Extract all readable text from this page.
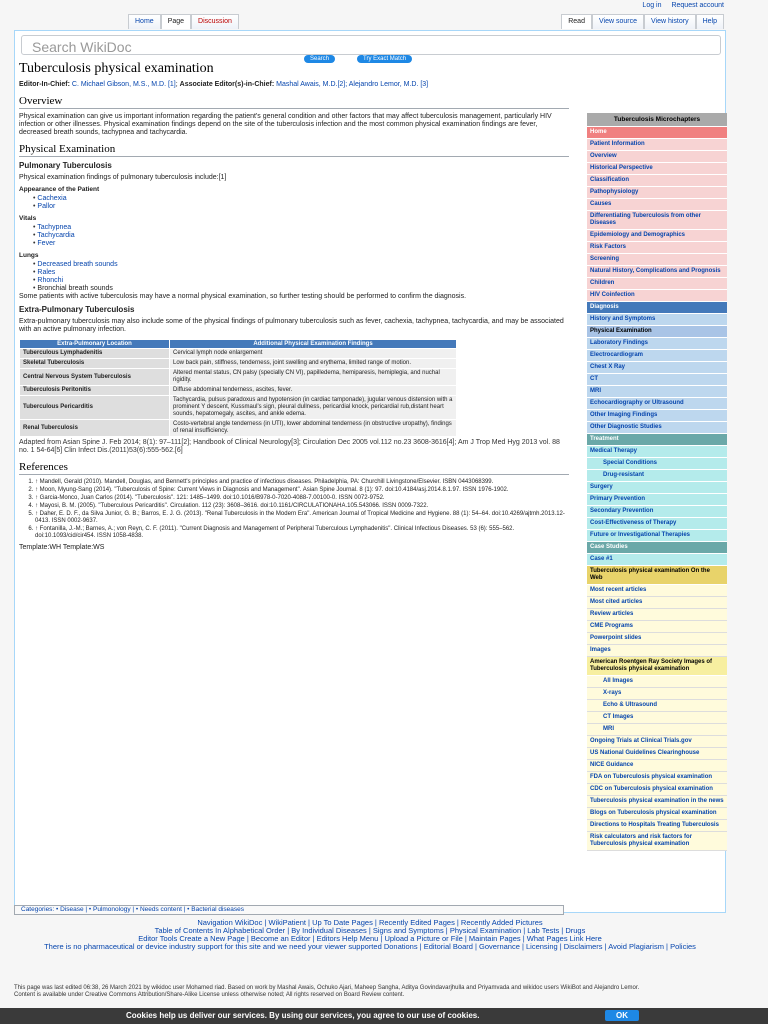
Log in Request account
Home	Page	Discussion	Read	View source	View history	Help
Search WikiDoc
Search	Try Exact Match
Tuberculosis physical examination

Editor-In-Chief: C. Michael Gibson, M.S., M.D. [1]; Associate Editor(s)-in-Chief: Mashal Awais, M.D.[2]; Alejandro Lemor, M.D. [3]

Overview

Physical examination can give us important information regarding the patient's general condition and other factors that may affect tuberculosis management, particularly HIV infection or other illnesses. Physical examination findings depend on the site of the tuberculosis infection and the most common physical examination findings are fever, decreased breath sounds, tachypnea and tachycardia.

Physical Examination
Pulmonary Tuberculosis

Physical examination findings of pulmonary tuberculosis include:[1]

Appearance of the Patient
• Cachexia
• Pallor
Vitals
• Tachypnea
• Tachycardia
• Fever
Lungs
• Decreased breath sounds
• Rales
• Rhonchi
• Bronchial breath sounds

Some patients with active tuberculosis may have a normal physical examination, so further testing should be performed to confirm the diagnosis.

Extra-Pulmonary Tuberculosis

Extra-pulmonary tuberculosis may also include some of the physical findings of pulmonary tuberculosis such as fever, cachexia, tachypnea, tachycardia, and may be associated with an active pulmonary infection.

Extra-Pulmonary Location	Additional Physical Examination Findings
Tuberculous Lymphadenitis	Cervical lymph node enlargement
Skeletal Tuberculosis	Low back pain, stiffness, tenderness, joint swelling and erythema, limited range of motion.
Central Nervous System Tuberculosis	Altered mental status, CN palsy (specially CN VI), papilledema, hemiparesis, hemiplegia, and nuchal rigidity.
Tuberculosis Peritonitis	Diffuse abdominal tenderness, ascites, fever.
Tuberculous Pericarditis	Tachycardia, pulsus paradoxus and hypotension (in cardiac tamponade), jugular venous distension with a prominent Y descent, Kussmaul's sign, pleural dullness, pericardial knock, pericardial rub,distant heart sounds, hepatomegaly, ascites, and ankle edema.
Renal Tuberculosis	Costo-vertebral angle tenderness (in UTI), lower abdominal tenderness (in obstructive uropathy), findings of renal insufficiency.

Adapted from Asian Spine J. Feb 2014; 8(1): 97–111[2]; Handbook of Clinical Neurology[3]; Circulation Dec 2005 vol.112 no.23 3608-3616[4]; Am J Trop Med Hyg 2013 vol. 88 no. 1 54-64[5] Clin Infect Dis.(2011)53(6):555-562.[6]

References
1. ↑ Mandell, Gerald (2010). Mandell, Douglas, and Bennett's principles and practice of infectious diseases. Philadelphia, PA: Churchill Livingstone/Elsevier. ISBN 0443068399.
2. ↑ Moon, Myung-Sang (2014). "Tuberculosis of Spine: Current Views in Diagnosis and Management". Asian Spine Journal. 8 (1): 97. doi:10.4184/asj.2014.8.1.97. ISSN 1976-1902.
3. ↑ Garcia-Monco, Juan Carlos (2014). "Tuberculosis". 121: 1485–1499. doi:10.1016/B978-0-7020-4088-7.00100-0. ISSN 0072-9752.
4. ↑ Mayosi, B. M. (2005). "Tuberculous Pericarditis". Circulation. 112 (23): 3608–3616. doi:10.1161/CIRCULATIONAHA.105.543066. ISSN 0009-7322.
5. ↑ Daher, E. D. F., da Silva Junior, G. B.; Barros, E. J. G. (2013). "Renal Tuberculosis in the Modern Era". American Journal of Tropical Medicine and Hygiene. 88 (1): 54–64. doi:10.4269/ajtmh.2013.12-0413. ISSN 0002-9637.
6. ↑ Fontanilla, J.-M.; Barnes, A.; von Reyn, C. F. (2011). "Current Diagnosis and Management of Peripheral Tuberculous Lymphadenitis". Clinical Infectious Diseases. 53 (6): 555–562. doi:10.1093/cid/cir454. ISSN 1058-4838.

Template:WH Template:WS

Tuberculosis Microchapters
Home
Patient Information
Overview
Historical Perspective
Classification
Pathophysiology
Causes
Differentiating Tuberculosis from other Diseases
Epidemiology and Demographics
Risk Factors
Screening
Natural History, Complications and Prognosis
Children
HIV Coinfection
Diagnosis
History and Symptoms
Physical Examination
Laboratory Findings
Electrocardiogram
Chest X Ray
CT
MRI
Echocardiography or Ultrasound
Other Imaging Findings
Other Diagnostic Studies
Treatment
Medical Therapy
Special Conditions
Drug-resistant
Surgery
Primary Prevention
Secondary Prevention
Cost-Effectiveness of Therapy
Future or Investigational Therapies
Case Studies
Case #1
Tuberculosis physical examination On the Web
Most recent articles
Most cited articles
Review articles
CME Programs
Powerpoint slides
Images
American Roentgen Ray Society Images of Tuberculosis physical examination
All Images
X-rays
Echo & Ultrasound
CT Images
MRI
Ongoing Trials at Clinical Trials.gov
US National Guidelines Clearinghouse
NICE Guidance
FDA on Tuberculosis physical examination
CDC on Tuberculosis physical examination
Tuberculosis physical examination in the news
Blogs on Tuberculosis physical examination
Directions to Hospitals Treating Tuberculosis
Risk calculators and risk factors for Tuberculosis physical examination
Categories: • Disease | • Pulmonology | • Needs content | • Bacterial diseases
Navigation WikiDoc | WikiPatient | Up To Date Pages | Recently Edited Pages | Recently Added Pictures
Table of Contents In Alphabetical Order | By Individual Diseases | Signs and Symptoms | Physical Examination | Lab Tests | Drugs
Editor Tools Create a New Page | Become an Editor | Editors Help Menu | Upload a Picture or File | Maintain Pages | What Pages Link Here
There is no pharmaceutical or device industry support for this site and we need your viewer supported Donations | Editorial Board | Governance | Licensing | Disclaimers | Avoid Plagiarism | Policies
This page was last edited 06:38, 26 March 2021 by wikidoc user Mohamed riad. Based on work by Mashal Awais, Ochuko Ajari, Maheep Sangha, Aditya Govindavarjhulla and Priyamvada and wikidoc users WikiBot and Alejandro Lemor.
Content is available under Creative Commons Attribution/Share-Alike License unless otherwise noted; All rights reserved on Board Review content.
Cookies help us deliver our services. By using our services, you agree to our use of cookies.	OK
